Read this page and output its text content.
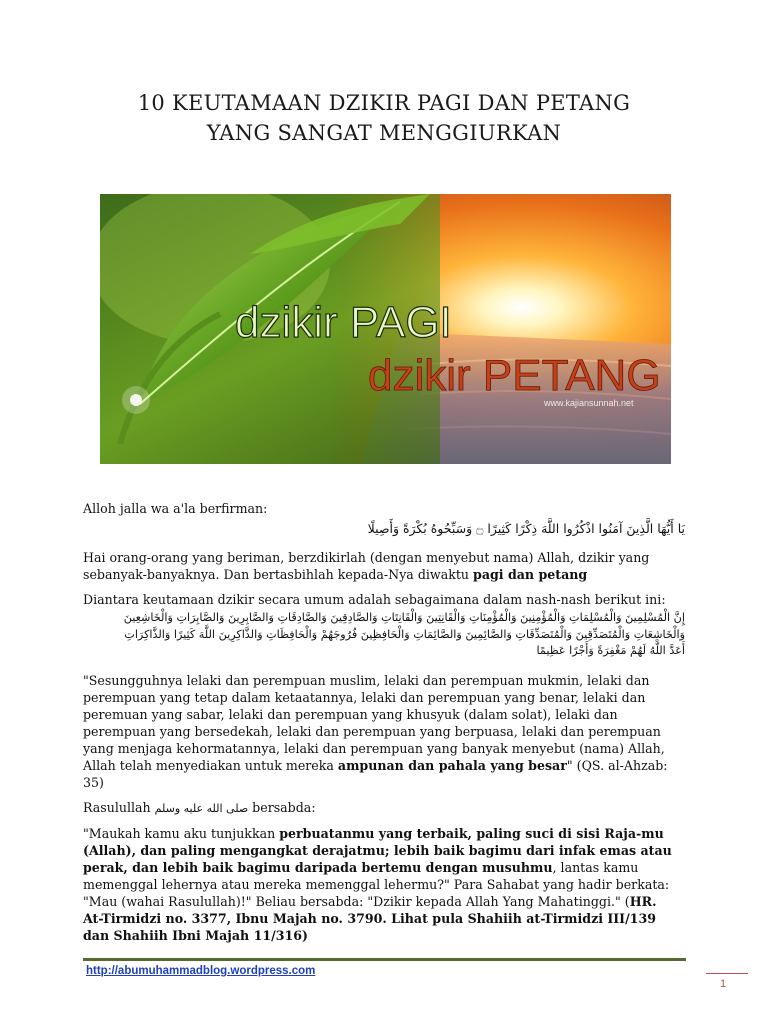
10 KEUTAMAAN DZIKIR PAGI DAN PETANG
YANG SANGAT MENGGIURKAN
dzikir PAGI
dzikir PETANG
www.kajiansunnah.net
Alloh jalla wa a'la berfirman:
يَا أَيُّهَا الَّذِينَ آمَنُوا اذْكُرُوا اللَّهَ ذِكْرًا كَثِيرًا ۝ وَسَبِّحُوهُ بُكْرَةً وَأَصِيلًا
Hai orang-orang yang beriman, berzdikirlah (dengan menyebut nama) Allah, dzikir yang
sebanyak-banyaknya. Dan bertasbihlah kepada-Nya diwaktu pagi dan petang
Diantara keutamaan dzikir secara umum adalah sebagaimana dalam nash-nash berikut ini:
إِنَّ الْمُسْلِمِينَ وَالْمُسْلِمَاتِ وَالْمُؤْمِنِينَ وَالْمُؤْمِنَاتِ وَالْقَانِتِينَ وَالْقَانِتَاتِ وَالصَّادِقِينَ وَالصَّادِقَاتِ وَالصَّابِرِينَ وَالصَّابِرَاتِ وَالْخَاشِعِينَ
وَالْخَاشِعَاتِ وَالْمُتَصَدِّقِينَ وَالْمُتَصَدِّقَاتِ وَالصَّائِمِينَ وَالصَّائِمَاتِ وَالْحَافِظِينَ فُرُوجَهُمْ وَالْحَافِظَاتِ وَالذَّاكِرِينَ اللَّهَ كَثِيرًا وَالذَّاكِرَاتِ
أَعَدَّ اللَّهُ لَهُمْ مَغْفِرَةً وَأَجْرًا عَظِيمًا
"Sesungguhnya lelaki dan perempuan muslim, lelaki dan perempuan mukmin, lelaki dan
perempuan yang tetap dalam ketaatannya, lelaki dan perempuan yang benar, lelaki dan
peremuan yang sabar, lelaki dan perempuan yang khusyuk (dalam solat), lelaki dan
perempuan yang bersedekah, lelaki dan perempuan yang berpuasa, lelaki dan perempuan
yang menjaga kehormatannya, lelaki dan perempuan yang banyak menyebut (nama) Allah,
Allah telah menyediakan untuk mereka ampunan dan pahala yang besar" (QS. al-Ahzab:
35)
Rasulullah صلى الله عليه وسلم bersabda:
"Maukah kamu aku tunjukkan perbuatanmu yang terbaik, paling suci di sisi Raja-mu
(Allah), dan paling mengangkat derajatmu; lebih baik bagimu dari infak emas atau
perak, dan lebih baik bagimu daripada bertemu dengan musuhmu, lantas kamu
memenggal lehernya atau mereka memenggal lehermu?" Para Sahabat yang hadir berkata:
"Mau (wahai Rasulullah)!" Beliau bersabda: "Dzikir kepada Allah Yang Mahatinggi." (HR.
At-Tirmidzi no. 3377, Ibnu Majah no. 3790. Lihat pula Shahiih at-Tirmidzi III/139
dan Shahiih Ibni Majah 11/316)
http://abumuhammadblog.wordpress.com
1
